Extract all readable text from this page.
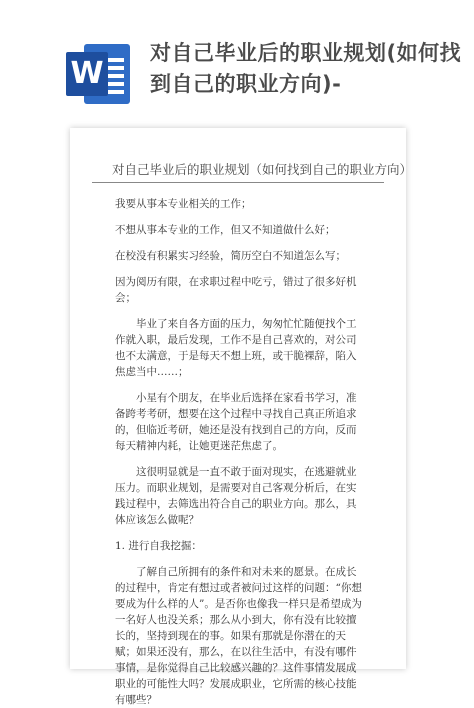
W
对自己毕业后的职业规划(如何找到自己的职业方向)-
对自己毕业后的职业规划（如何找到自己的职业方向）

我要从事本专业相关的工作；

不想从事本专业的工作，但又不知道做什么好；

在校没有积累实习经验，简历空白不知道怎么写；

因为阅历有限，在求职过程中吃亏，错过了很多好机会；

毕业了来自各方面的压力，匆匆忙忙随便找个工作就入职，最后发现，工作不是自己喜欢的，对公司也不太满意，于是每天不想上班，或干脆裸辞，陷入焦虑当中……；

小星有个朋友，在毕业后选择在家看书学习，准备跨考考研，想要在这个过程中寻找自己真正所追求的，但临近考研，她还是没有找到自己的方向，反而每天精神内耗，让她更迷茫焦虑了。

这很明显就是一直不敢于面对现实，在逃避就业压力。而职业规划，是需要对自己客观分析后，在实践过程中，去筛选出符合自己的职业方向。那么，具体应该怎么做呢？

1. 进行自我挖掘：

了解自己所拥有的条件和对未来的愿景。在成长的过程中，肯定有想过或者被问过这样的问题：“你想要成为什么样的人”。是否你也像我一样只是希望成为一名好人也没关系；那么从小到大，你有没有比较擅长的，坚持到现在的事。如果有那就是你潜在的天赋；如果还没有，那么，在以往生活中，有没有哪件事情，是你觉得自己比较感兴趣的？这件事情发展成职业的可能性大吗？发展成职业，它所需的核心技能有哪些？
